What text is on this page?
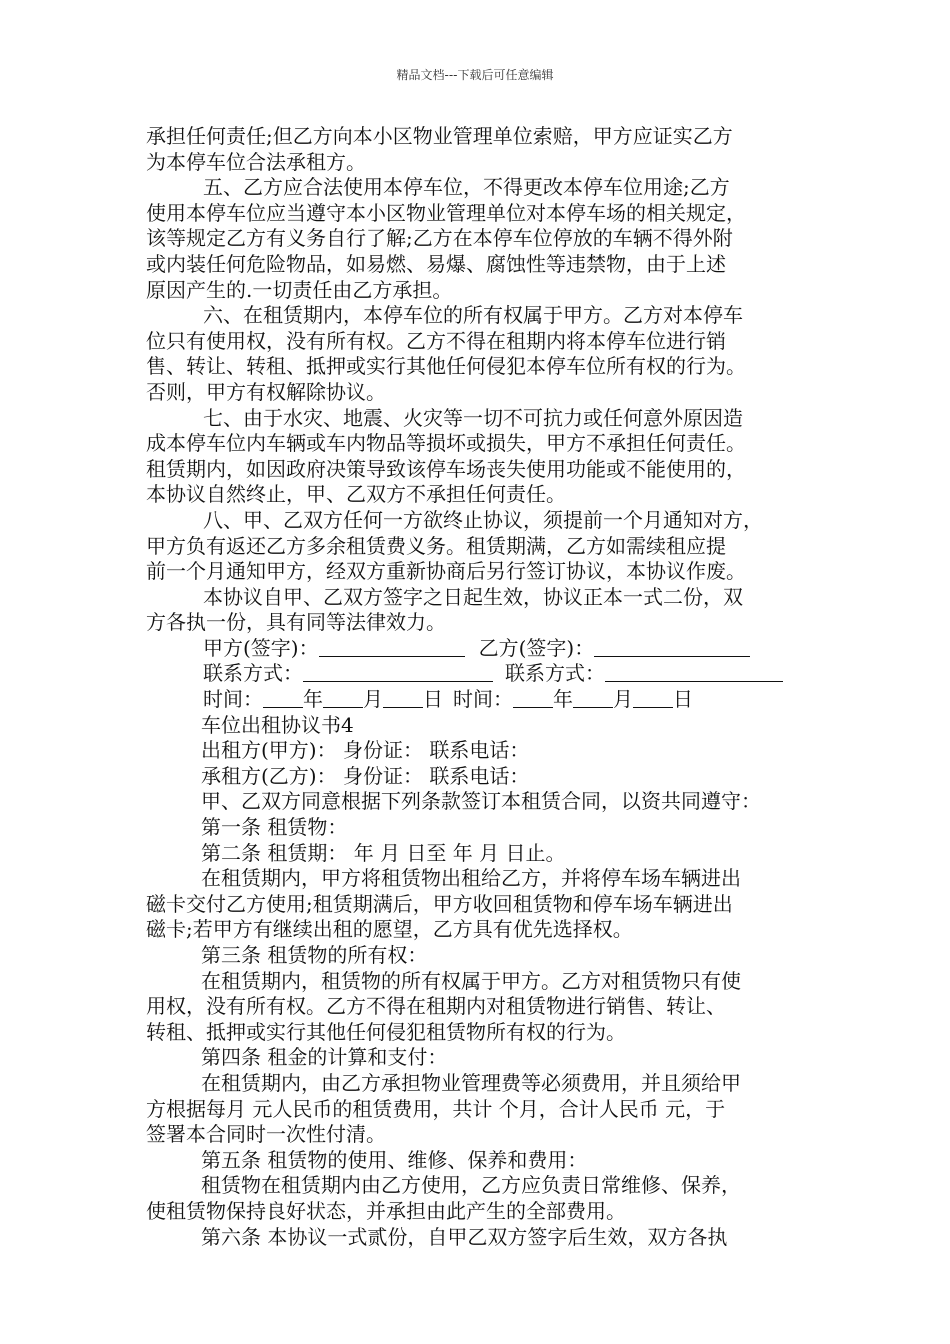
精品文档---下载后可任意编辑
承担任何责任;但乙方向本小区物业管理单位索赔，甲方应证实乙方
为本停车位合法承租方。
五、乙方应合法使用本停车位，不得更改本停车位用途;乙方
使用本停车位应当遵守本小区物业管理单位对本停车场的相关规定，
该等规定乙方有义务自行了解;乙方在本停车位停放的车辆不得外附
或内装任何危险物品，如易燃、易爆、腐蚀性等违禁物，由于上述
原因产生的.一切责任由乙方承担。
六、在租赁期内，本停车位的所有权属于甲方。乙方对本停车
位只有使用权，没有所有权。乙方不得在租期内将本停车位进行销
售、转让、转租、抵押或实行其他任何侵犯本停车位所有权的行为。
否则，甲方有权解除协议。
七、由于水灾、地震、火灾等一切不可抗力或任何意外原因造
成本停车位内车辆或车内物品等损坏或损失，甲方不承担任何责任。
租赁期内，如因政府决策导致该停车场丧失使用功能或不能使用的，
本协议自然终止，甲、乙双方不承担任何责任。
八、甲、乙双方任何一方欲终止协议，须提前一个月通知对方，
甲方负有返还乙方多余租赁费义务。租赁期满，乙方如需续租应提
前一个月通知甲方，经双方重新协商后另行签订协议，本协议作废。
本协议自甲、乙双方签字之日起生效，协议正本一式二份，双
方各执一份，具有同等法律效力。
甲方(签字)：	乙方(签字)：
联系方式：	联系方式：
时间： 年 月 日 时间： 年 月 日
车位出租协议书4
出租方(甲方)： 身份证： 联系电话：
承租方(乙方)： 身份证： 联系电话：
甲、乙双方同意根据下列条款签订本租赁合同，以资共同遵守：
第一条 租赁物：
第二条 租赁期： 年 月 日至 年 月 日止。
在租赁期内，甲方将租赁物出租给乙方，并将停车场车辆进出
磁卡交付乙方使用;租赁期满后，甲方收回租赁物和停车场车辆进出
磁卡;若甲方有继续出租的愿望，乙方具有优先选择权。
第三条 租赁物的所有权：
在租赁期内，租赁物的所有权属于甲方。乙方对租赁物只有使
用权，没有所有权。乙方不得在租期内对租赁物进行销售、转让、
转租、抵押或实行其他任何侵犯租赁物所有权的行为。
第四条 租金的计算和支付：
在租赁期内，由乙方承担物业管理费等必须费用，并且须给甲
方根据每月 元人民币的租赁费用，共计 个月，合计人民币 元，于
签署本合同时一次性付清。
第五条 租赁物的使用、维修、保养和费用：
租赁物在租赁期内由乙方使用，乙方应负责日常维修、保养，
使租赁物保持良好状态，并承担由此产生的全部费用。
第六条 本协议一式贰份，自甲乙双方签字后生效，双方各执
